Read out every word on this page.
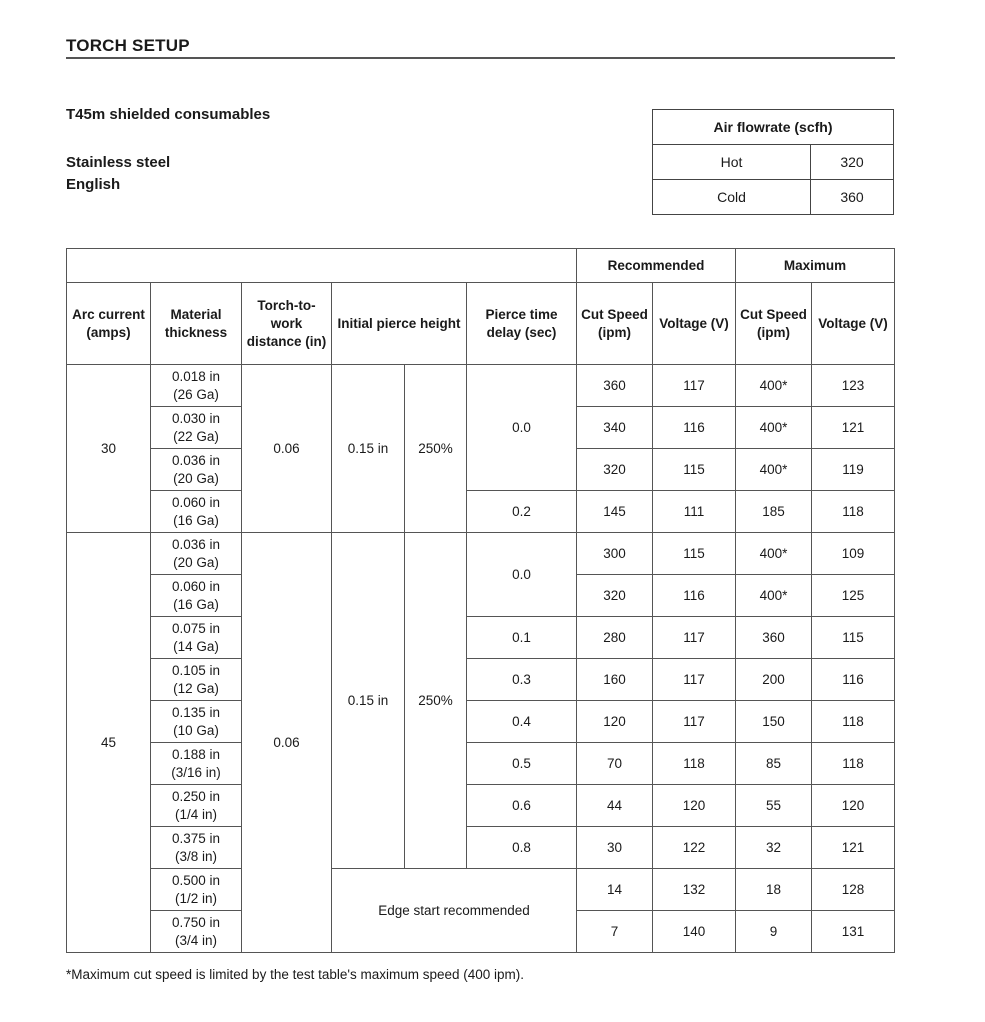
TORCH SETUP
T45m shielded consumables
Stainless steel
English
Air flowrate (scfh)	
Hot	320
Cold	360
						Recommended		Maximum	
Arc current (amps)	Material thickness	Torch-to-work distance (in)	Initial pierce height		Pierce time delay (sec)	Cut Speed (ipm)	Voltage (V)	Cut Speed (ipm)	Voltage (V)
30	0.018 in
(26 Ga)	0.06	0.15 in	250%	0.0	360	117	400*	123

	0.030 in
(22 Ga)					340	116	400*	121

	0.036 in
(20 Ga)					320	115	400*	119

	0.060 in
(16 Ga)				0.2	145	111	185	118
45	0.036 in
(20 Ga)	0.06	0.15 in	250%	0.0	300	115	400*	109

	0.060 in
(16 Ga)					320	116	400*	125

	0.075 in
(14 Ga)				0.1	280	117	360	115

	0.105 in
(12 Ga)				0.3	160	117	200	116

	0.135 in
(10 Ga)				0.4	120	117	150	118

	0.188 in
(3/16 in)				0.5	70	118	85	118

	0.250 in
(1/4 in)				0.6	44	120	55	120

	0.375 in
(3/8 in)				0.8	30	122	32	121

	0.500 in
(1/2 in)		Edge start recommended			14	132	18	128

	0.750 in
(3/4 in)					7	140	9	131
*Maximum cut speed is limited by the test table's maximum speed (400 ipm).
